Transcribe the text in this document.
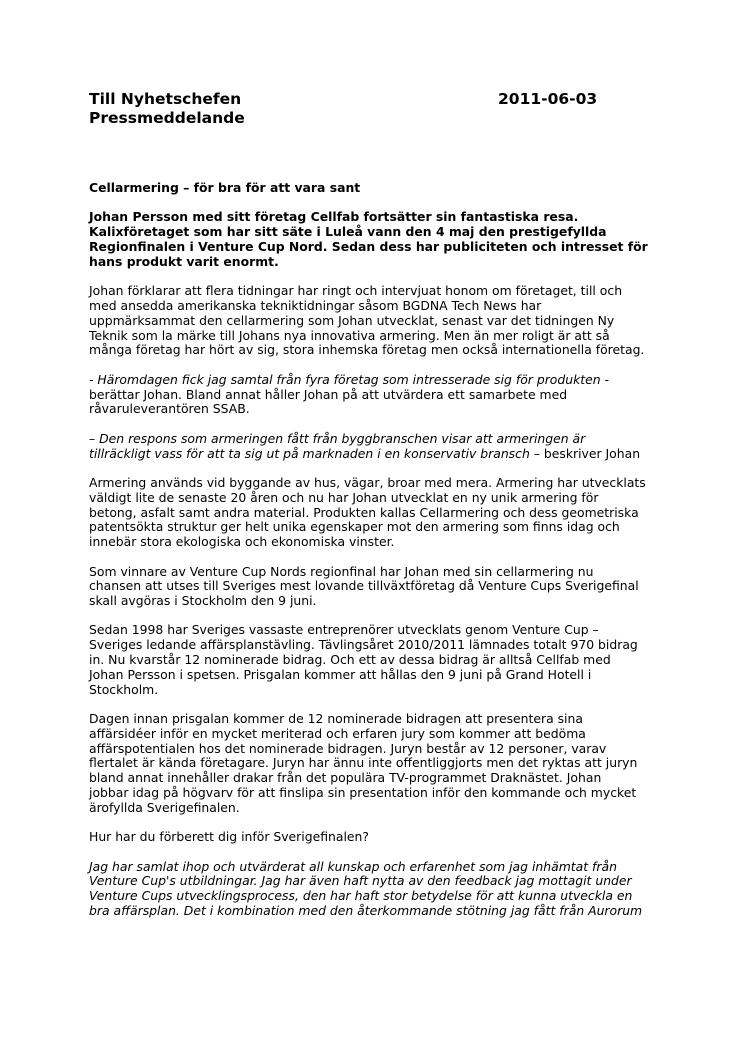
Till Nyhetschefen
Pressmeddelande
2011-06-03

Cellarmering – för bra för att vara sant

Johan Persson med sitt företag Cellfab fortsätter sin fantastiska resa.
Kalixföretaget som har sitt säte i Luleå vann den 4 maj den prestigefyllda
Regionfinalen i Venture Cup Nord. Sedan dess har publiciteten och intresset för
hans produkt varit enormt.

Johan förklarar att flera tidningar har ringt och intervjuat honom om företaget, till och
med ansedda amerikanska tekniktidningar såsom BGDNA Tech News har
uppmärksammat den cellarmering som Johan utvecklat, senast var det tidningen Ny
Teknik som la märke till Johans nya innovativa armering. Men än mer roligt är att så
många företag har hört av sig, stora inhemska företag men också internationella företag.

- Häromdagen fick jag samtal från fyra företag som intresserade sig för produkten -
berättar Johan. Bland annat håller Johan på att utvärdera ett samarbete med
råvaruleverantören SSAB.

– Den respons som armeringen fått från byggbranschen visar att armeringen är
tillräckligt vass för att ta sig ut på marknaden i en konservativ bransch – beskriver Johan

Armering används vid byggande av hus, vägar, broar med mera. Armering har utvecklats
väldigt lite de senaste 20 åren och nu har Johan utvecklat en ny unik armering för
betong, asfalt samt andra material. Produkten kallas Cellarmering och dess geometriska
patentsökta struktur ger helt unika egenskaper mot den armering som finns idag och
innebär stora ekologiska och ekonomiska vinster.

Som vinnare av Venture Cup Nords regionfinal har Johan med sin cellarmering nu
chansen att utses till Sveriges mest lovande tillväxtföretag då Venture Cups Sverigefinal
skall avgöras i Stockholm den 9 juni.

Sedan 1998 har Sveriges vassaste entreprenörer utvecklats genom Venture Cup –
Sveriges ledande affärsplanstävling. Tävlingsåret 2010/2011 lämnades totalt 970 bidrag
in. Nu kvarstår 12 nominerade bidrag. Och ett av dessa bidrag är alltså Cellfab med
Johan Persson i spetsen. Prisgalan kommer att hållas den 9 juni på Grand Hotell i
Stockholm.

Dagen innan prisgalan kommer de 12 nominerade bidragen att presentera sina
affärsidéer inför en mycket meriterad och erfaren jury som kommer att bedöma
affärspotentialen hos det nominerade bidragen. Juryn består av 12 personer, varav
flertalet är kända företagare. Juryn har ännu inte offentliggjorts men det ryktas att juryn
bland annat innehåller drakar från det populära TV-programmet Draknästet. Johan
jobbar idag på högvarv för att finslipa sin presentation inför den kommande och mycket
ärofyllda Sverigefinalen.

Hur har du förberett dig inför Sverigefinalen?

Jag har samlat ihop och utvärderat all kunskap och erfarenhet som jag inhämtat från
Venture Cup's utbildningar. Jag har även haft nytta av den feedback jag mottagit under
Venture Cups utvecklingsprocess, den har haft stor betydelse för att kunna utveckla en
bra affärsplan. Det i kombination med den återkommande stötning jag fått från Aurorum
